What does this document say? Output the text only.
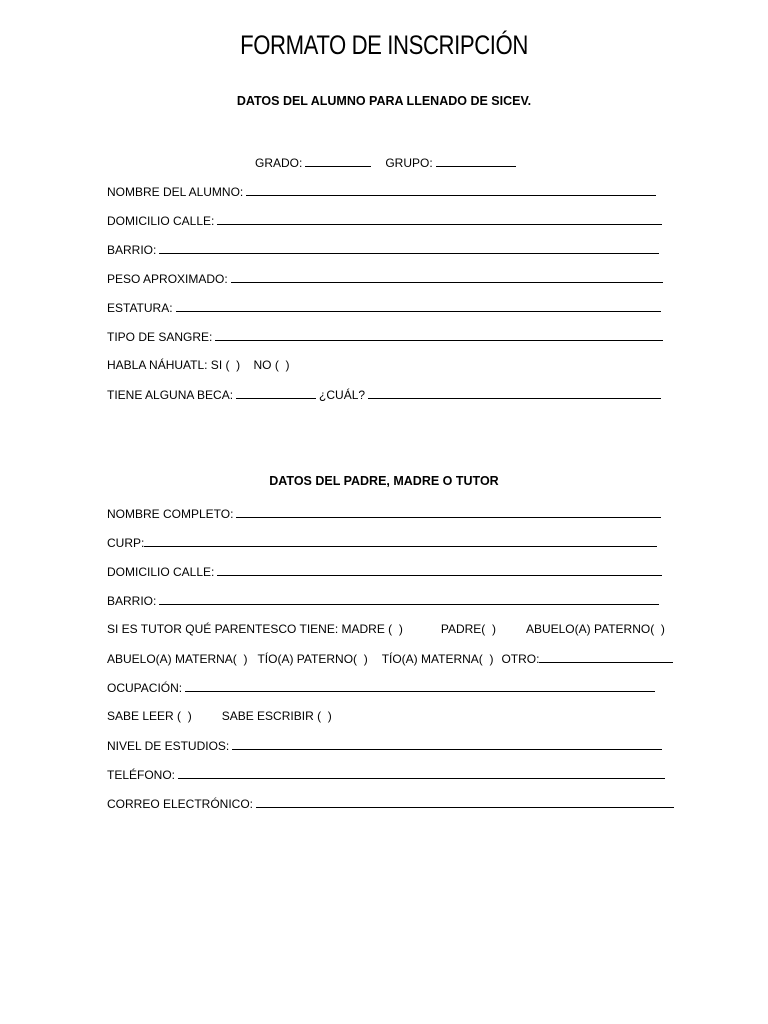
FORMATO DE INSCRIPCIÓN
DATOS DEL ALUMNO PARA LLENADO DE SICEV.
GRADO:	GRUPO:
NOMBRE DEL ALUMNO:
DOMICILIO CALLE:
BARRIO:
PESO APROXIMADO:
ESTATURA:
TIPO DE SANGRE:
HABLA NÁHUATL: SI (  )    NO (  )
TIENE ALGUNA BECA:	¿CUÁL?
DATOS DEL PADRE, MADRE O TUTOR
NOMBRE COMPLETO:
CURP:
DOMICILIO CALLE:
BARRIO:
SI ES TUTOR QUÉ PARENTESCO TIENE: MADRE (  )	PADRE(  )	ABUELO(A) PATERNO(  )
ABUELO(A) MATERNA(  ) TÍO(A) PATERNO(  ) TÍO(A) MATERNA(  ) OTRO:
OCUPACIÓN:
SABE LEER (  )	SABE ESCRIBIR (  )
NIVEL DE ESTUDIOS:
TELÉFONO:
CORREO ELECTRÓNICO:
